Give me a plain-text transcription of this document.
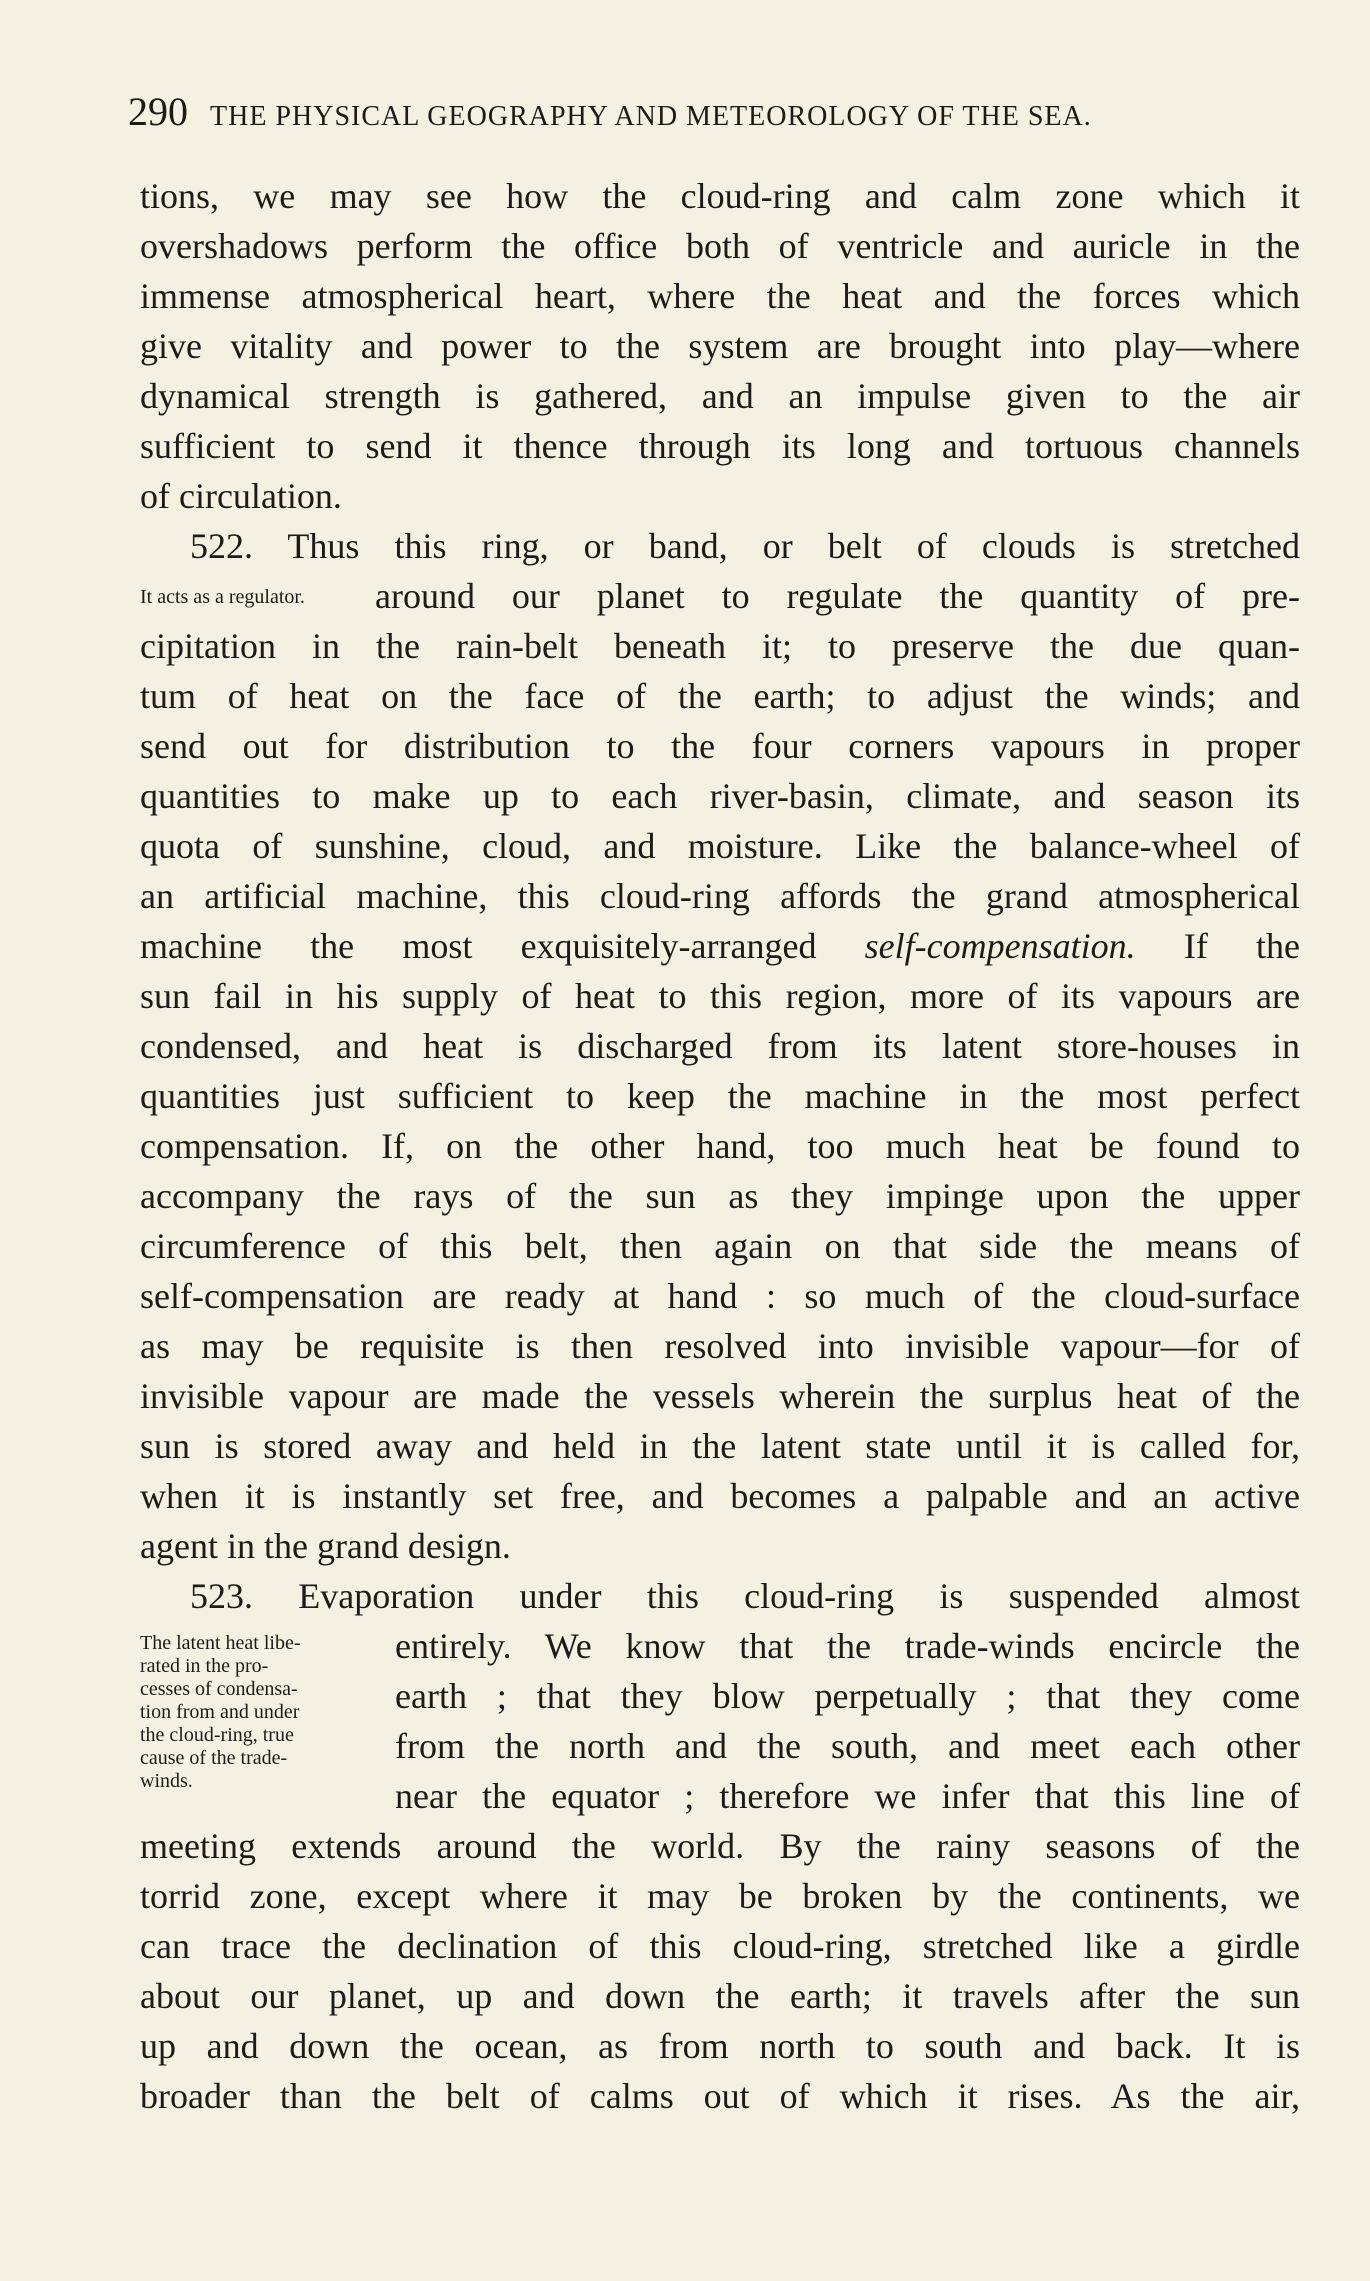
290 THE PHYSICAL GEOGRAPHY AND METEOROLOGY OF THE SEA.
tions, we may see how the cloud-ring and calm zone which it
overshadows perform the office both of ventricle and auricle in the
immense atmospherical heart, where the heat and the forces which
give vitality and power to the system are brought into play—where
dynamical strength is gathered, and an impulse given to the air
sufficient to send it thence through its long and tortuous channels
of circulation.
522. Thus this ring, or band, or belt of clouds is stretched
It acts as a regulator. around our planet to regulate the quantity of pre-
cipitation in the rain-belt beneath it; to preserve the due quan-
tum of heat on the face of the earth; to adjust the winds; and
send out for distribution to the four corners vapours in proper
quantities to make up to each river-basin, climate, and season its
quota of sunshine, cloud, and moisture. Like the balance-wheel of
an artificial machine, this cloud-ring affords the grand atmospherical
machine the most exquisitely-arranged self-compensation. If the
sun fail in his supply of heat to this region, more of its vapours are
condensed, and heat is discharged from its latent store-houses in
quantities just sufficient to keep the machine in the most perfect
compensation. If, on the other hand, too much heat be found to
accompany the rays of the sun as they impinge upon the upper
circumference of this belt, then again on that side the means of
self-compensation are ready at hand : so much of the cloud-surface
as may be requisite is then resolved into invisible vapour—for of
invisible vapour are made the vessels wherein the surplus heat of the
sun is stored away and held in the latent state until it is called for,
when it is instantly set free, and becomes a palpable and an active
agent in the grand design.
523. Evaporation under this cloud-ring is suspended almost
The latent heat libe-
rated in the pro-
cesses of condensa-
tion from and under
the cloud-ring, true
cause of the trade-
winds.
entirely. We know that the trade-winds encircle the
earth ; that they blow perpetually ; that they come
from the north and the south, and meet each other
near the equator ; therefore we infer that this line of
meeting extends around the world. By the rainy seasons of the
torrid zone, except where it may be broken by the continents, we
can trace the declination of this cloud-ring, stretched like a girdle
about our planet, up and down the earth; it travels after the sun
up and down the ocean, as from north to south and back. It is
broader than the belt of calms out of which it rises. As the air,
